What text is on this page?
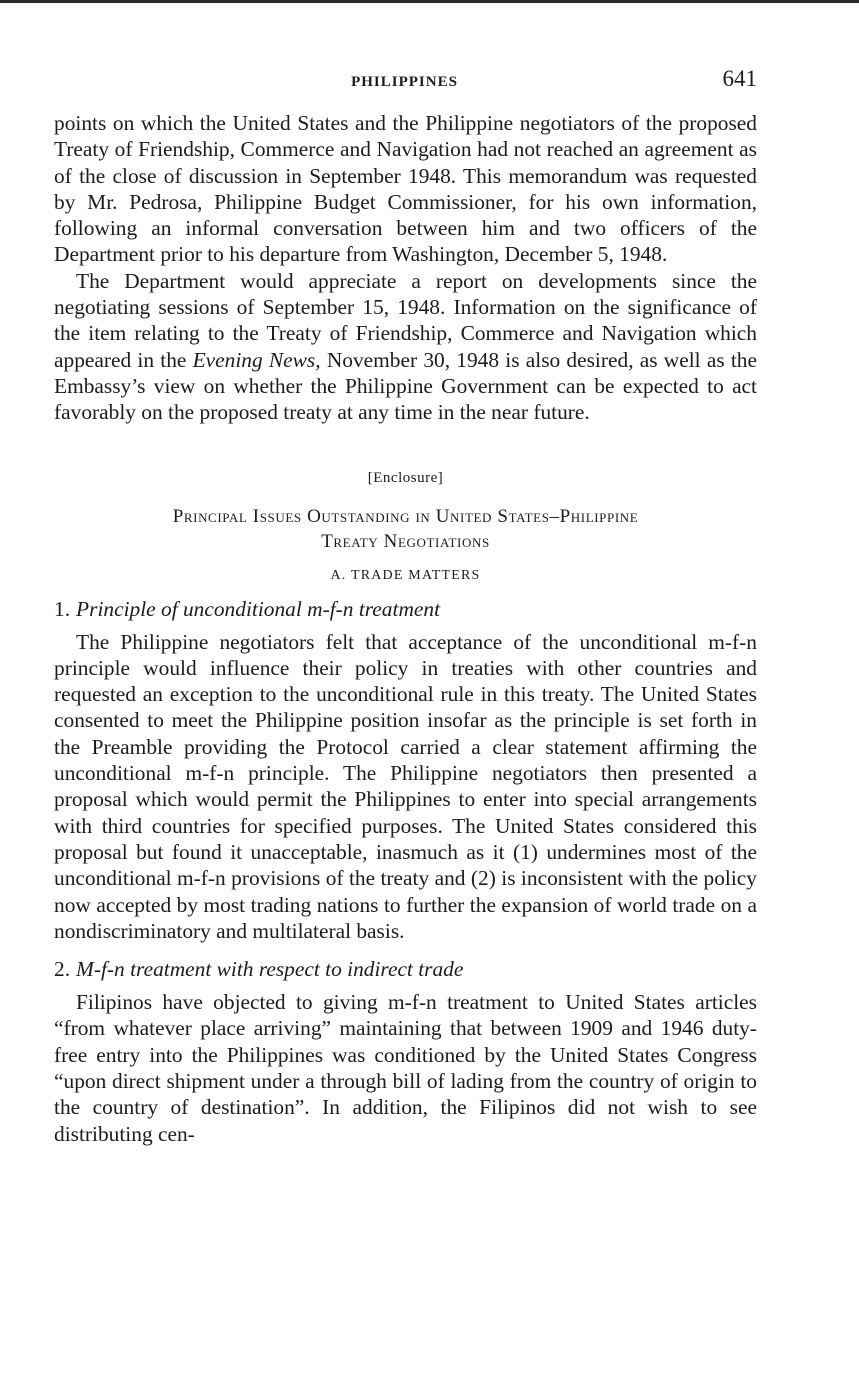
PHILIPPINES	641

points on which the United States and the Philippine negotiators of the proposed Treaty of Friendship, Commerce and Navigation had not reached an agreement as of the close of discussion in September 1948. This memorandum was requested by Mr. Pedrosa, Philippine Budget Commissioner, for his own information, following an informal conversation between him and two officers of the Department prior to his departure from Washington, December 5, 1948.

The Department would appreciate a report on developments since the negotiating sessions of September 15, 1948. Information on the significance of the item relating to the Treaty of Friendship, Commerce and Navigation which appeared in the Evening News, November 30, 1948 is also desired, as well as the Embassy’s view on whether the Philippine Government can be expected to act favorably on the proposed treaty at any time in the near future.

[Enclosure]
Principal Issues Outstanding in United States–Philippine
Treaty Negotiations
A. TRADE MATTERS
1. Principle of unconditional m-f-n treatment

The Philippine negotiators felt that acceptance of the unconditional m-f-n principle would influence their policy in treaties with other countries and requested an exception to the unconditional rule in this treaty. The United States consented to meet the Philippine position insofar as the principle is set forth in the Preamble providing the Protocol carried a clear statement affirming the unconditional m-f-n principle. The Philippine negotiators then presented a proposal which would permit the Philippines to enter into special arrangements with third countries for specified purposes. The United States considered this proposal but found it unacceptable, inasmuch as it (1) undermines most of the unconditional m-f-n provisions of the treaty and (2) is inconsistent with the policy now accepted by most trading nations to further the expansion of world trade on a nondiscriminatory and multilateral basis.

2. M-f-n treatment with respect to indirect trade

Filipinos have objected to giving m-f-n treatment to United States articles “from whatever place arriving” maintaining that between 1909 and 1946 duty-free entry into the Philippines was conditioned by the United States Congress “upon direct shipment under a through bill of lading from the country of origin to the country of destination”. In addition, the Filipinos did not wish to see distributing cen-
